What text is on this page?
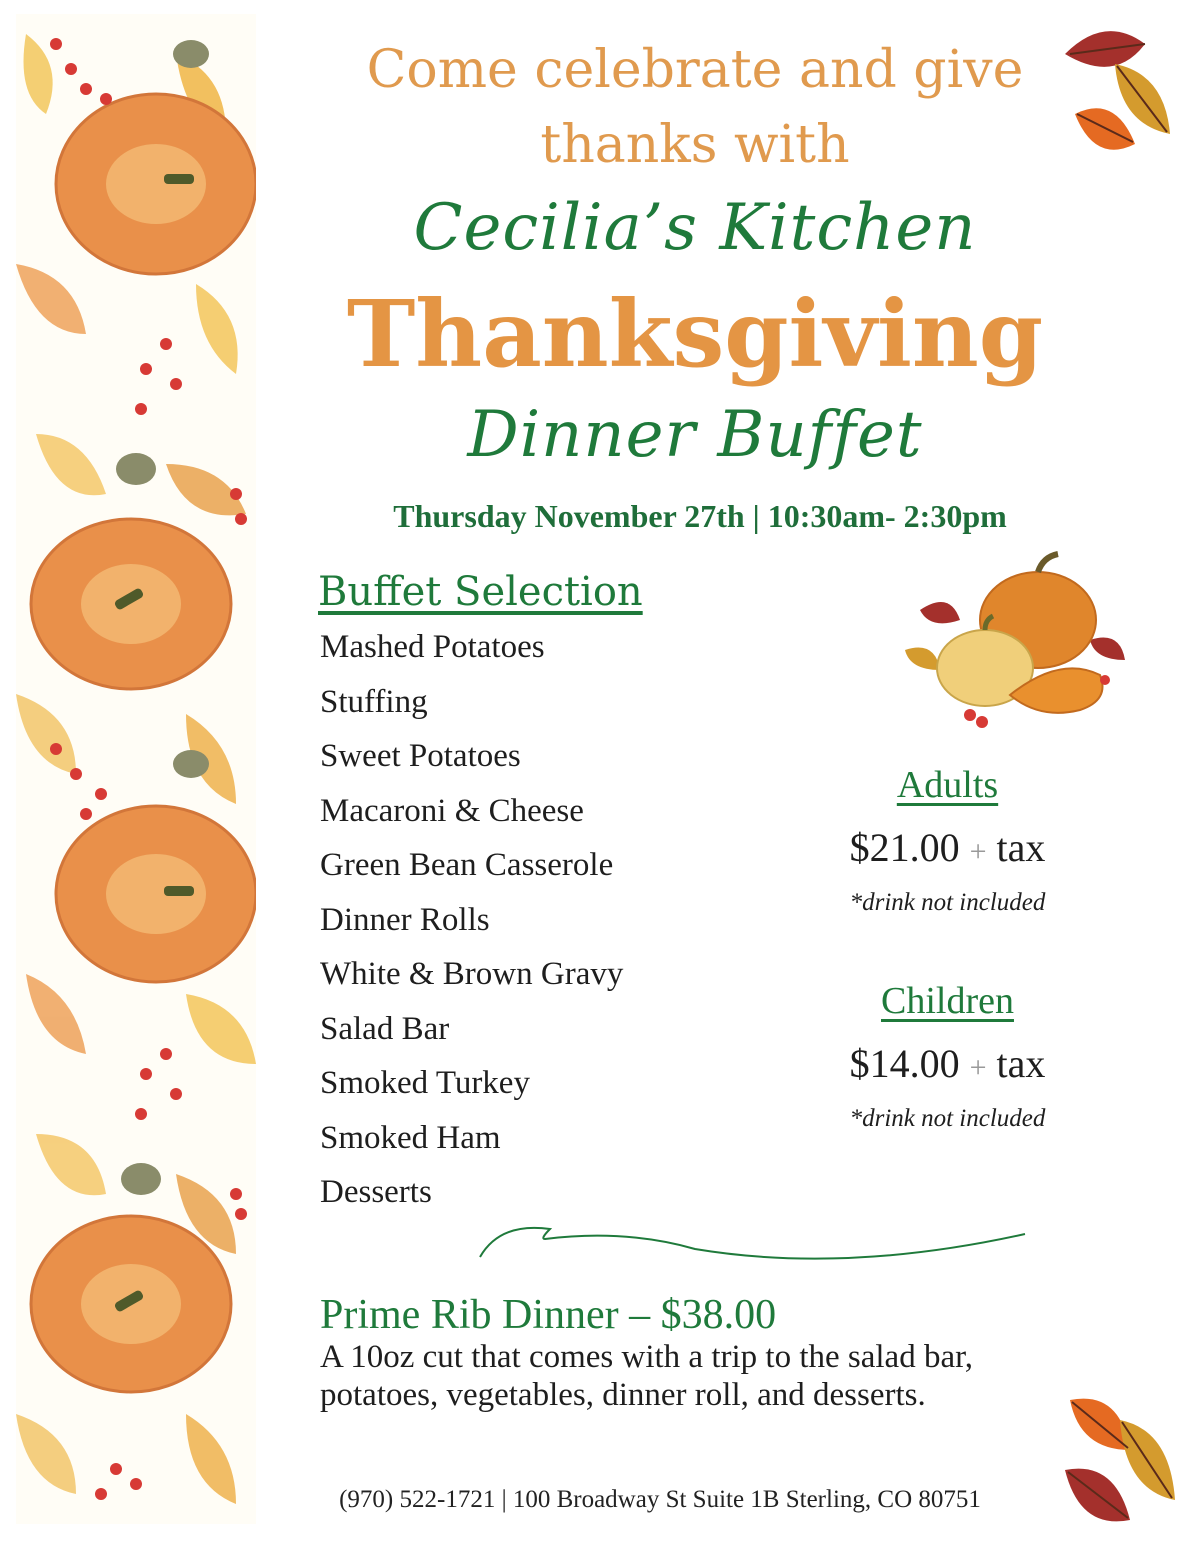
Come celebrate and give
thanks with
Cecilia’s Kitchen
Thanksgiving
Dinner Buffet
Thursday November 27th | 10:30am- 2:30pm
Buffet Selection
Mashed Potatoes
Stuffing
Sweet Potatoes
Macaroni & Cheese
Green Bean Casserole
Dinner Rolls
White & Brown Gravy
Salad Bar
Smoked Turkey
Smoked Ham
Desserts
Adults
$21.00 + tax
*drink not included
Children
$14.00 + tax
*drink not included
Prime Rib Dinner – $38.00
A 10oz cut that comes with a trip to the salad bar, potatoes, vegetables, dinner roll, and desserts.
(970) 522-1721 | 100 Broadway St Suite 1B Sterling, CO 80751
